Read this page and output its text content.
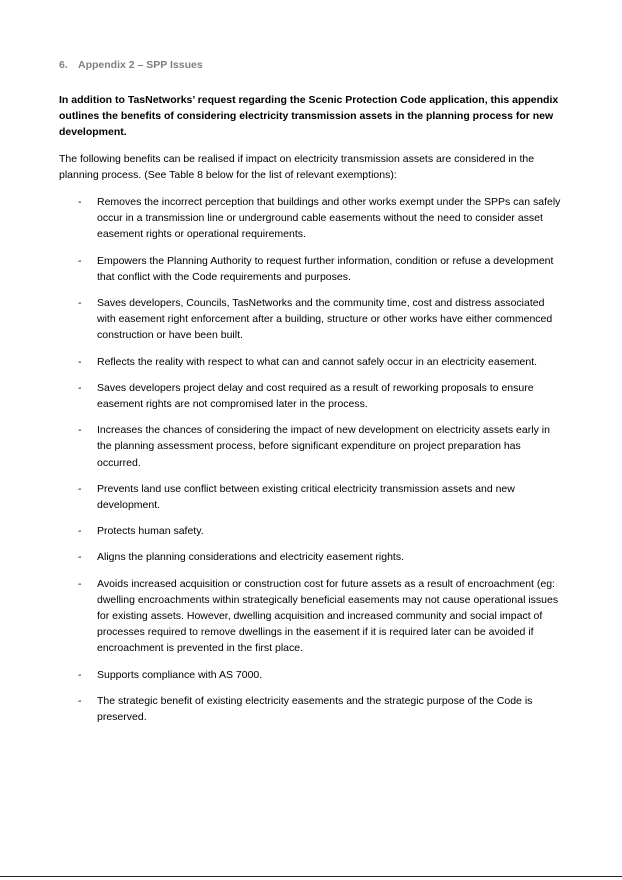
6. Appendix 2 – SPP Issues
In addition to TasNetworks’ request regarding the Scenic Protection Code application, this appendix outlines the benefits of considering electricity transmission assets in the planning process for new development.
The following benefits can be realised if impact on electricity transmission assets are considered in the planning process. (See Table 8 below for the list of relevant exemptions):
- Removes the incorrect perception that buildings and other works exempt under the SPPs can safely occur in a transmission line or underground cable easements without the need to consider asset easement rights or operational requirements.
- Empowers the Planning Authority to request further information, condition or refuse a development that conflict with the Code requirements and purposes.
- Saves developers, Councils, TasNetworks and the community time, cost and distress associated with easement right enforcement after a building, structure or other works have either commenced construction or have been built.
- Reflects the reality with respect to what can and cannot safely occur in an electricity easement.
- Saves developers project delay and cost required as a result of reworking proposals to ensure easement rights are not compromised later in the process.
- Increases the chances of considering the impact of new development on electricity assets early in the planning assessment process, before significant expenditure on project preparation has occurred.
- Prevents land use conflict between existing critical electricity transmission assets and new development.
- Protects human safety.
- Aligns the planning considerations and electricity easement rights.
- Avoids increased acquisition or construction cost for future assets as a result of encroachment (eg: dwelling encroachments within strategically beneficial easements may not cause operational issues for existing assets. However, dwelling acquisition and increased community and social impact of processes required to remove dwellings in the easement if it is required later can be avoided if encroachment is prevented in the first place.
- Supports compliance with AS 7000.
- The strategic benefit of existing electricity easements and the strategic purpose of the Code is preserved.
